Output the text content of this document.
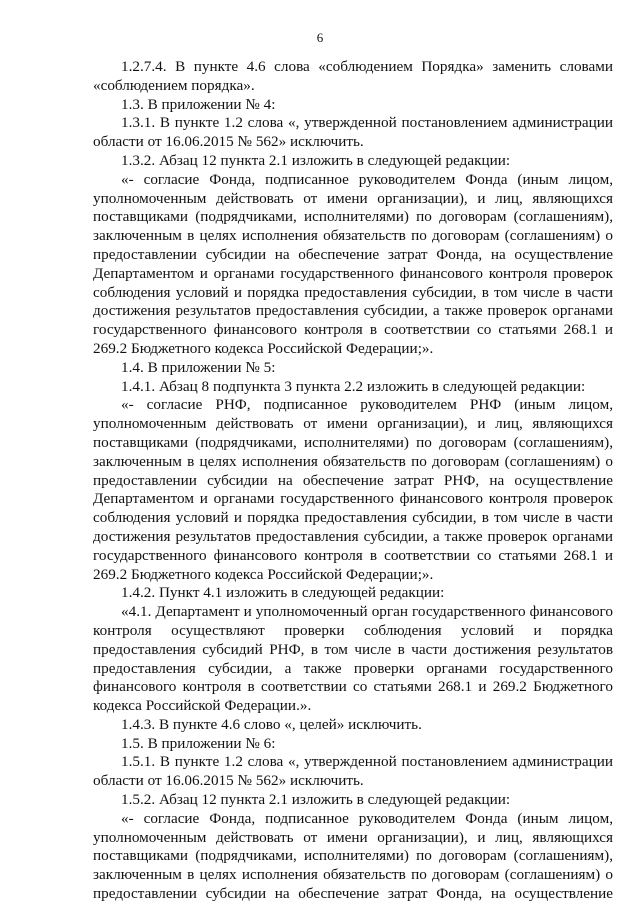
6

1.2.7.4. В пункте 4.6 слова «соблюдением Порядка» заменить словами «соблюдением порядка».

1.3. В приложении № 4:

1.3.1. В пункте 1.2 слова «, утвержденной постановлением администрации области от 16.06.2015 № 562» исключить.

1.3.2. Абзац 12 пункта 2.1 изложить в следующей редакции:

«- согласие Фонда, подписанное руководителем Фонда (иным лицом, уполномоченным действовать от имени организации), и лиц, являющихся поставщиками (подрядчиками, исполнителями) по договорам (соглашениям), заключенным в целях исполнения обязательств по договорам (соглашениям) о предоставлении субсидии на обеспечение затрат Фонда, на осуществление Департаментом и органами государственного финансового контроля проверок соблюдения условий и порядка предоставления субсидии, в том числе в части достижения результатов предоставления субсидии, а также проверок органами государственного финансового контроля в соответствии со статьями 268.1 и 269.2 Бюджетного кодекса Российской Федерации;».

1.4. В приложении № 5:

1.4.1. Абзац 8 подпункта 3 пункта 2.2 изложить в следующей редакции:

«- согласие РНФ, подписанное руководителем РНФ (иным лицом, уполномоченным действовать от имени организации), и лиц, являющихся поставщиками (подрядчиками, исполнителями) по договорам (соглашениям), заключенным в целях исполнения обязательств по договорам (соглашениям) о предоставлении субсидии на обеспечение затрат РНФ, на осуществление Департаментом и органами государственного финансового контроля проверок соблюдения условий и порядка предоставления субсидии, в том числе в части достижения результатов предоставления субсидии, а также проверок органами государственного финансового контроля в соответствии со статьями 268.1 и 269.2 Бюджетного кодекса Российской Федерации;».

1.4.2. Пункт 4.1 изложить в следующей редакции:

«4.1. Департамент и уполномоченный орган государственного финансового контроля осуществляют проверки соблюдения условий и порядка предоставления субсидий РНФ, в том числе в части достижения результатов предоставления субсидии, а также проверки органами государственного финансового контроля в соответствии со статьями 268.1 и 269.2 Бюджетного кодекса Российской Федерации.».

1.4.3. В пункте 4.6 слово «, целей» исключить.

1.5. В приложении № 6:

1.5.1. В пункте 1.2 слова «, утвержденной постановлением администрации области от 16.06.2015 № 562» исключить.

1.5.2. Абзац 12 пункта 2.1 изложить в следующей редакции:

«- согласие Фонда, подписанное руководителем Фонда (иным лицом, уполномоченным действовать от имени организации), и лиц, являющихся поставщиками (подрядчиками, исполнителями) по договорам (соглашениям), заключенным в целях исполнения обязательств по договорам (соглашениям) о предоставлении субсидии на обеспечение затрат Фонда, на осуществление
